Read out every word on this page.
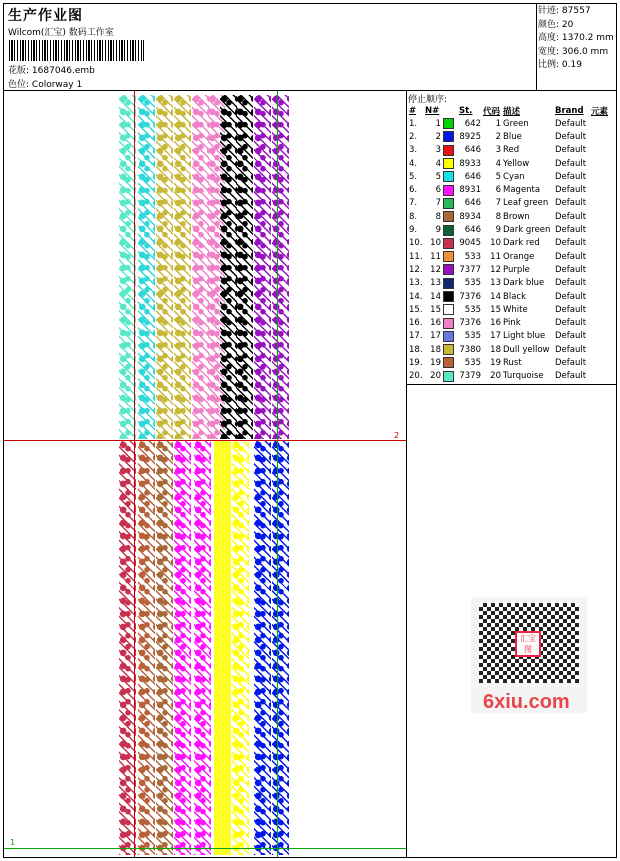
生产作业图
Wilcom(汇宝) 数码工作室
花版: 1687046.emb
色位: Colorway 1
针迹: 87557
颜色: 20
高度: 1370.2 mm
宽度: 306.0 mm
比例: 0.19
2
1
停止顺序:
#	N#		St.	代码	描述	Brand	元素
1.	1		642	1	Green	Default	
2.	2		8925	2	Blue	Default	
3.	3		646	3	Red	Default	
4.	4		8933	4	Yellow	Default	
5.	5		646	5	Cyan	Default	
6.	6		8931	6	Magenta	Default	
7.	7		646	7	Leaf green	Default	
8.	8		8934	8	Brown	Default	
9.	9		646	9	Dark green	Default	
10.	10		9045	10	Dark red	Default	
11.	11		533	11	Orange	Default	
12.	12		7377	12	Purple	Default	
13.	13		535	13	Dark blue	Default	
14.	14		7376	14	Black	Default	
15.	15		535	15	White	Default	
16.	16		7376	16	Pink	Default	
17.	17		535	17	Light blue	Default	
18.	18		7380	18	Dull yellow	Default	
19.	19		535	19	Rust	Default	
20.	20		7379	20	Turquoise	Default	
汇宝图
6xiu.com
